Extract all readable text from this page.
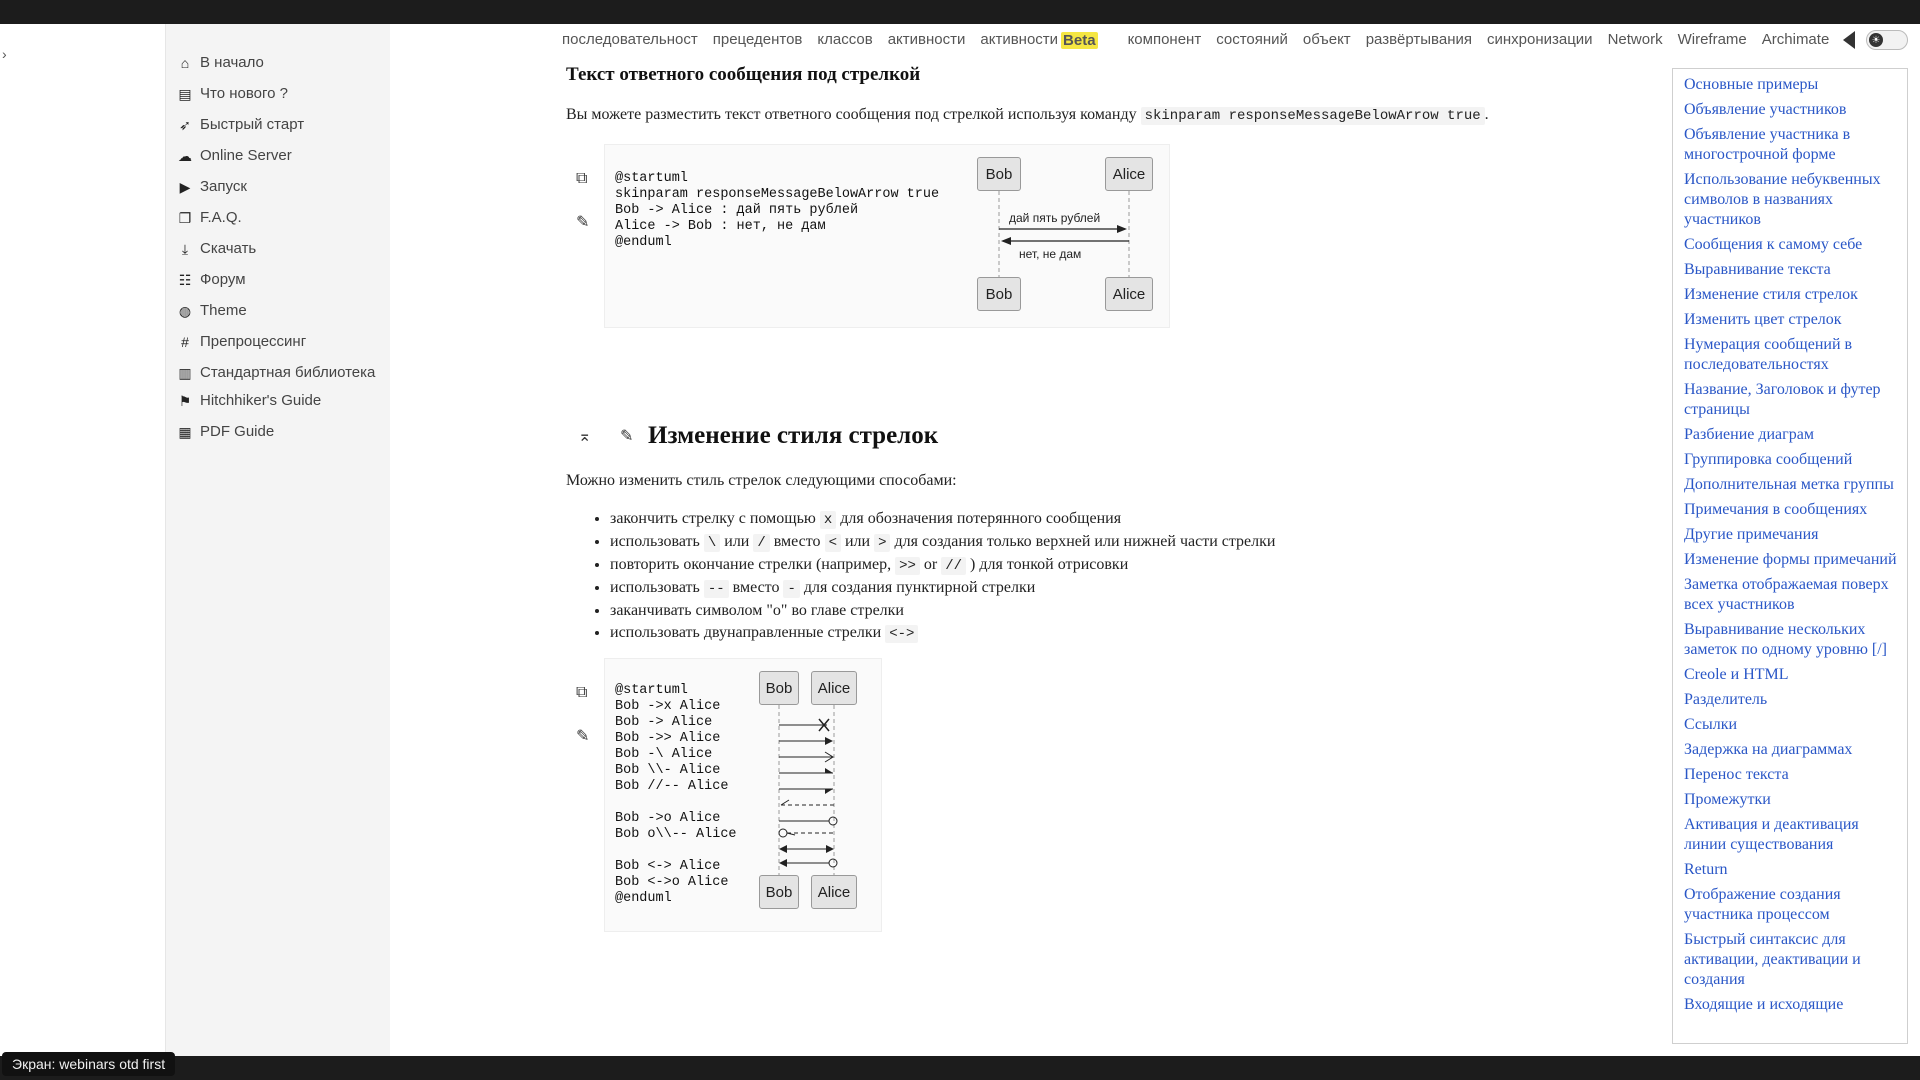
›
⌂ В начало
▤ Что нового ?
➶ Быстрый старт
☁ Online Server
▶ Запуск
❐ F.A.Q.
⤓ Скачать
☷ Форум
◍ Theme
# Препроцессинг
▥ Стандартная библиотека
⚑ Hitchhiker's Guide
▦ PDF Guide
последовательност прецедентов классов активности активности Beta	компонент состояний объект развёртывания синхронизации Network Wireframe Archimate	☀
Текст ответного сообщения под стрелкой
Вы можете разместить текст ответного сообщения под стрелкой используя команду skinparam responseMessageBelowArrow true .
⧉
✎
@startuml
skinparam responseMessageBelowArrow true
Bob -> Alice : дай пять рублей
Alice -> Bob : нет, не дам
@enduml
Bob	Alice
Bob	Alice
дай пять рублей
нет, не дам
⌅ ✎ Изменение стиля стрелок
Можно изменить стиль стрелок следующими способами:
• закончить стрелку с помощью x для обозначения потерянного сообщения
• использовать \ или / вместо < или > для создания только верхней или нижней части стрелки
• повторить окончание стрелки (например, >> or // ) для тонкой отрисовки
• использовать -- вместо - для создания пунктирной стрелки
• заканчивать символом "o" во главе стрелки
• использовать двунаправленные стрелки <->
⧉
✎
@startuml
Bob ->x Alice
Bob -> Alice
Bob ->> Alice
Bob -\ Alice
Bob \\- Alice
Bob //-- Alice

Bob ->o Alice
Bob o\\-- Alice

Bob <-> Alice
Bob <->o Alice
@enduml
Bob	Alice
Bob	Alice
Основные примеры
Объявление участников
Объявление участника в многострочной форме
Использование небуквенных символов в названиях участников
Сообщения к самому себе
Выравнивание текста
Изменение стиля стрелок
Изменить цвет стрелок
Нумерация сообщений в последовательностях
Название, Заголовок и футер страницы
Разбиение диаграм
Группировка сообщений
Дополнительная метка группы
Примечания в сообщениях
Другие примечания
Изменение формы примечаний
Заметка отображаемая поверх всех участников
Выравнивание нескольких заметок по одному уровню [/]
Creole и HTML
Разделитель
Ссылки
Задержка на диаграммах
Перенос текста
Промежутки
Активация и деактивация линии существования
Return
Отображение создания участника процессом
Быстрый синтаксис для активации, деактивации и создания
Входящие и исходящие
Экран: webinars otd first
